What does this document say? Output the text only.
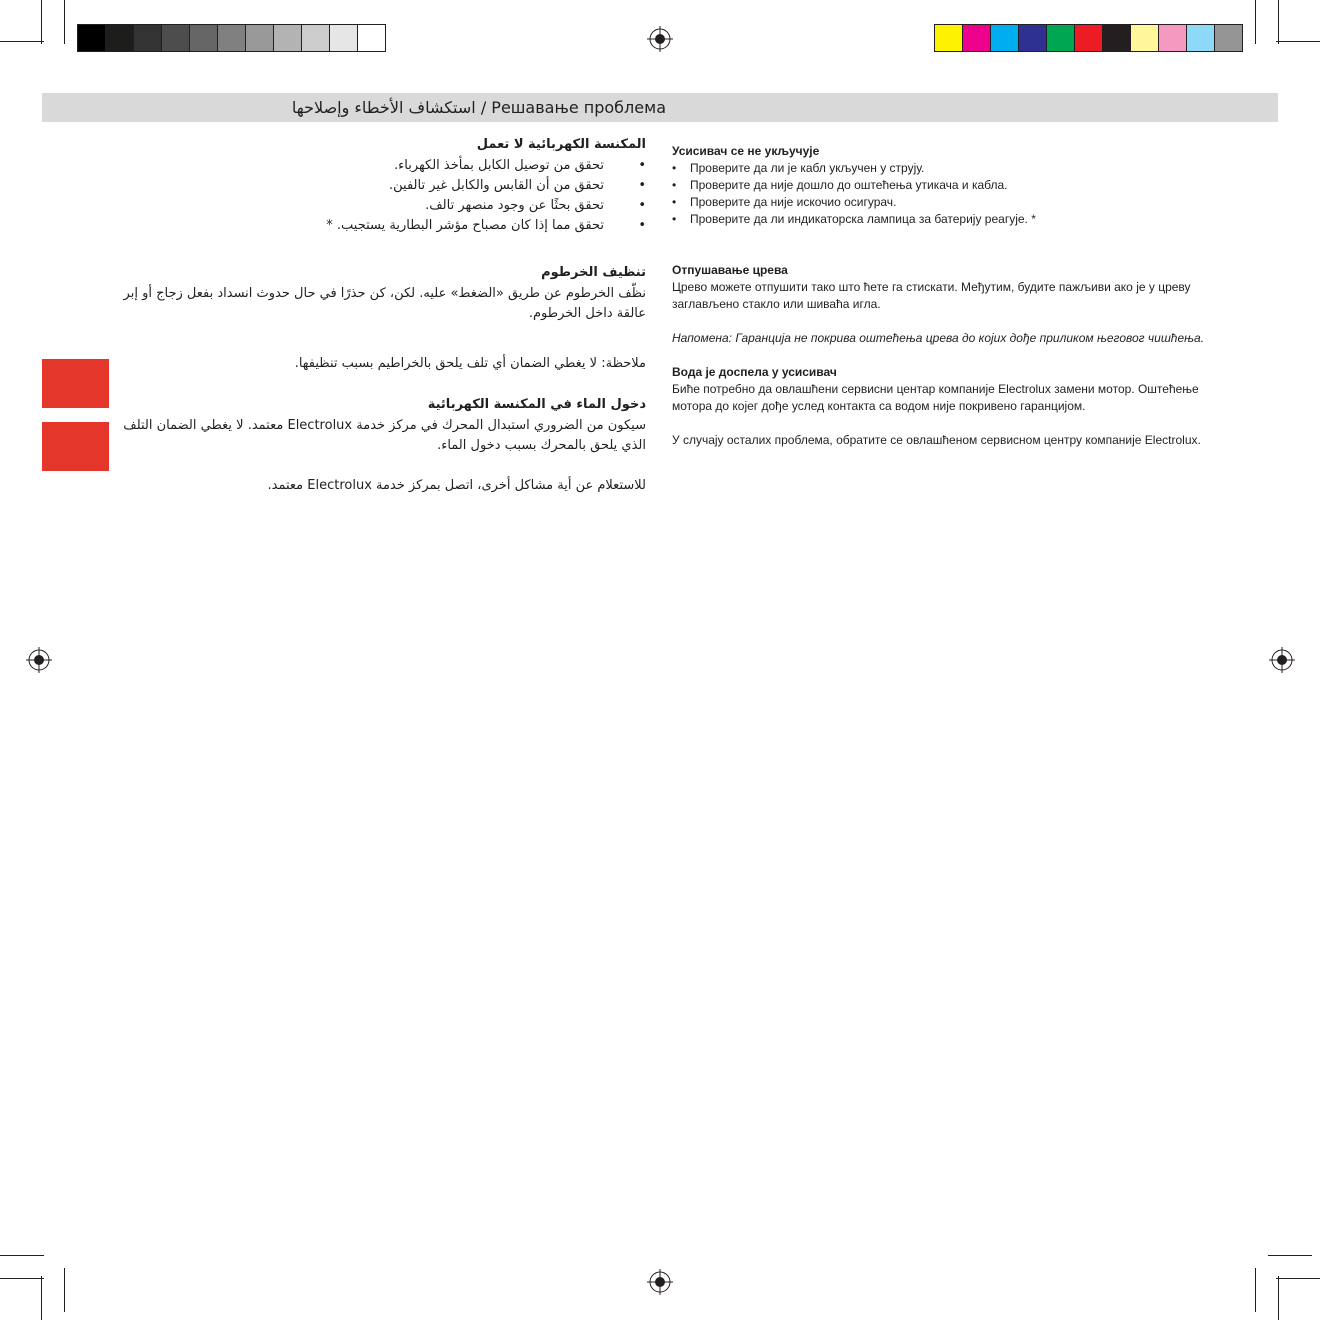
استكشاف الأخطاء وإصلاحها / Решавање проблема
المكنسة الكهربائية لا تعمل
•
تحقق من توصيل الكابل بمأخذ الكهرباء.
•
تحقق من أن القابس والكابل غير تالفين.
•
تحقق بحثًا عن وجود منصهر تالف.
•
تحقق مما إذا كان مصباح مؤشر البطارية يستجيب. *
تنظيف الخرطوم

نظّف الخرطوم عن طريق «الضغط» عليه. لكن، كن حذرًا في حال حدوث انسداد بفعل زجاج أو إبر عالقة داخل الخرطوم.

ملاحظة: لا يغطي الضمان أي تلف يلحق بالخراطيم بسبب تنظيفها.

دخول الماء في المكنسة الكهربائية

سيكون من الضروري استبدال المحرك في مركز خدمة Electrolux معتمد. لا يغطي الضمان التلف الذي يلحق بالمحرك بسبب دخول الماء.

للاستعلام عن أية مشاكل أخرى، اتصل بمركز خدمة Electrolux معتمد.

Усисивач се не укључује
• Проверите да ли је кабл укључен у струју.
• Проверите да није дошло до оштећења утикача и кабла.
• Проверите да није искочио осигурач.
• Проверите да ли индикаторска лампица за батерију реагује. *
Отпушавање црева

Црево можете отпушити тако што ћете га стискати. Међутим, будите пажљиви ако је у цреву заглављено стакло или шиваћа игла.

Напомена: Гаранција не покрива оштећења црева до којих дође приликом његовог чишћења.

Вода је доспела у усисивач

Биће потребно да овлашћени сервисни центар компаније Electrolux замени мотор. Оштећење мотора до којег дође услед контакта са водом није покривено гаранцијом.

У случају осталих проблема, обратите се овлашћеном сервисном центру компаније Electrolux.
